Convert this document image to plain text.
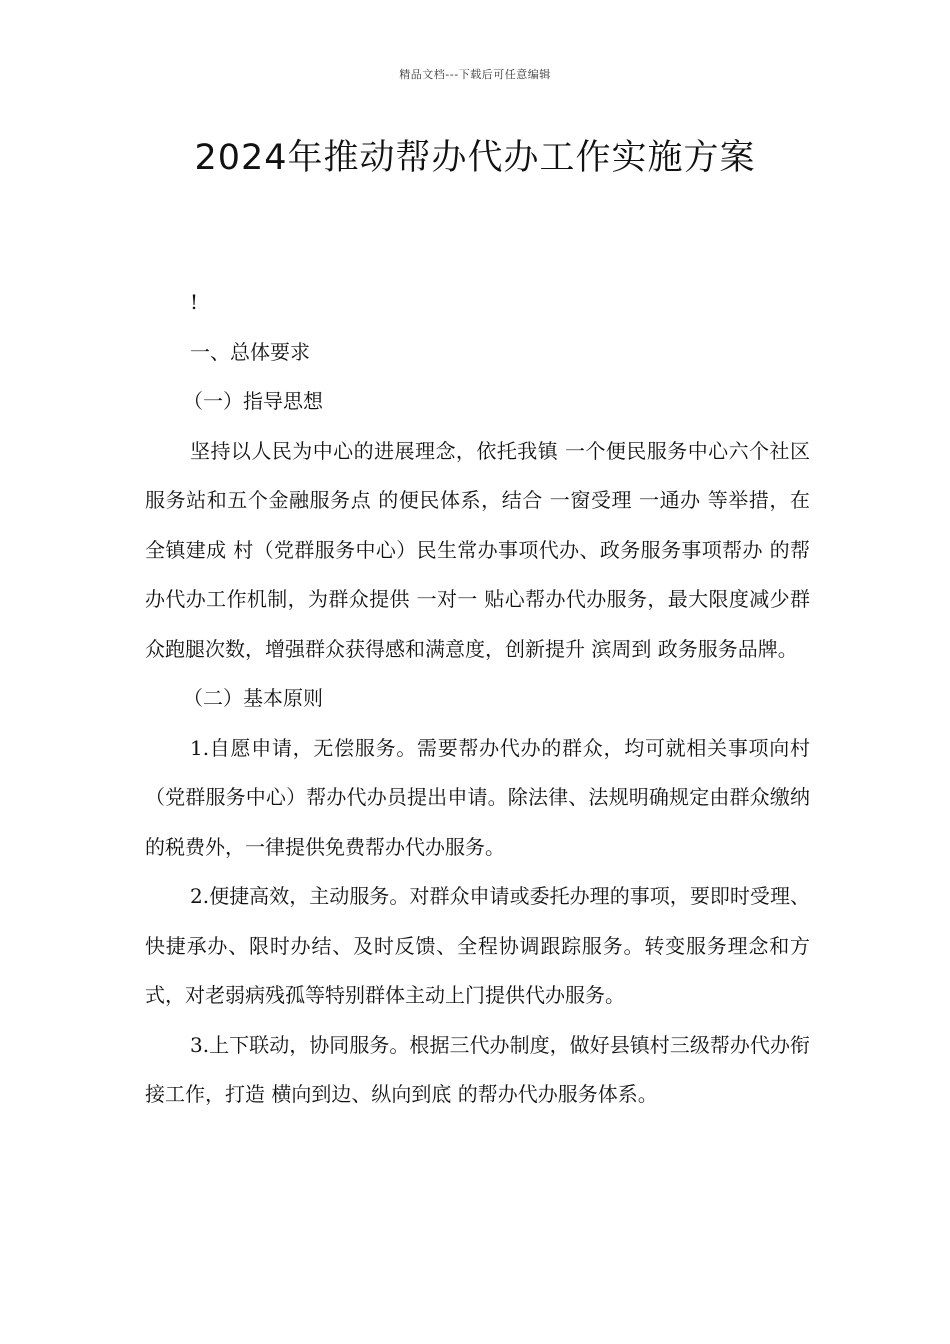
精品文档---下载后可任意编辑
2024年推动帮办代办工作实施方案

!

一、总体要求

（一）指导思想

坚持以人民为中心的进展理念，依托我镇 一个便民服务中心六个社区服务站和五个金融服务点 的便民体系，结合 一窗受理 一通办 等举措，在全镇建成 村（党群服务中心）民生常办事项代办、政务服务事项帮办 的帮办代办工作机制，为群众提供 一对一 贴心帮办代办服务，最大限度减少群众跑腿次数，增强群众获得感和满意度，创新提升 滨周到 政务服务品牌。

（二）基本原则

1.自愿申请，无偿服务。需要帮办代办的群众，均可就相关事项向村（党群服务中心）帮办代办员提出申请。除法律、法规明确规定由群众缴纳的税费外，一律提供免费帮办代办服务。

2.便捷高效，主动服务。对群众申请或委托办理的事项，要即时受理、快捷承办、限时办结、及时反馈、全程协调跟踪服务。转变服务理念和方式，对老弱病残孤等特别群体主动上门提供代办服务。

3.上下联动，协同服务。根据三代办制度，做好县镇村三级帮办代办衔接工作，打造 横向到边、纵向到底 的帮办代办服务体系。
